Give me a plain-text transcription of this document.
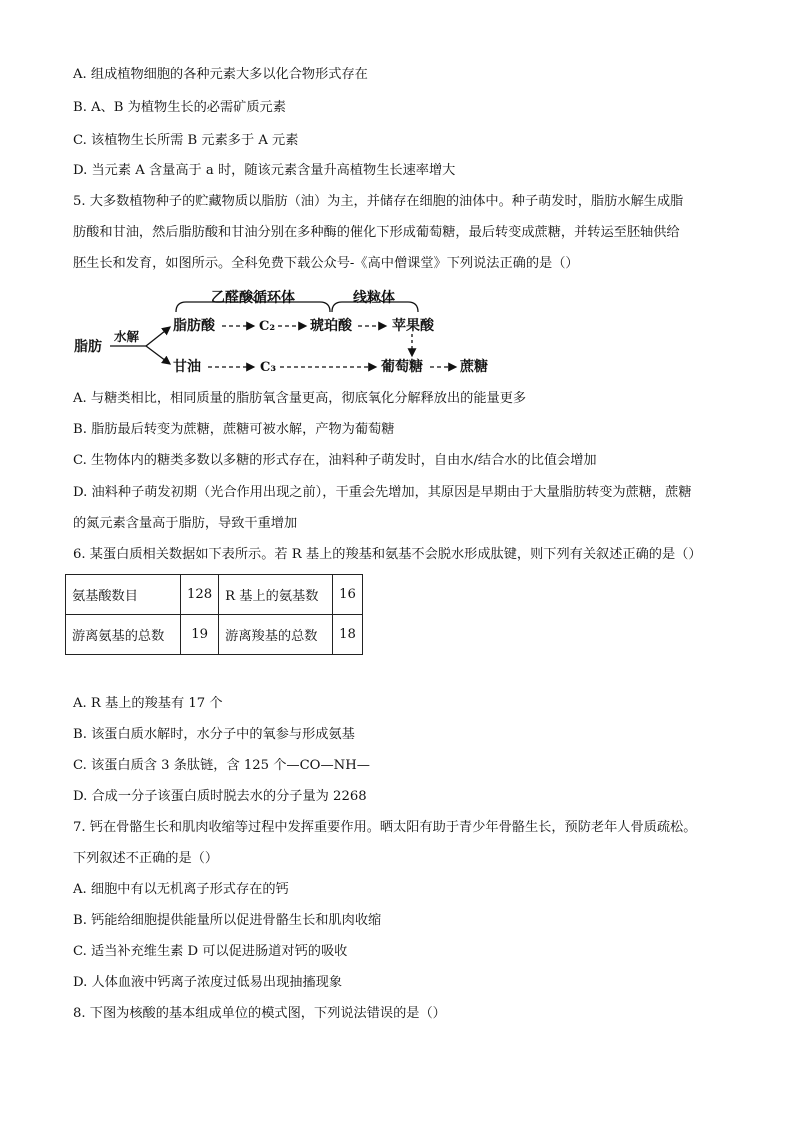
A. 组成植物细胞的各种元素大多以化合物形式存在
B. A、B 为植物生长的必需矿质元素
C. 该植物生长所需 B 元素多于 A 元素
D. 当元素 A 含量高于 a 时，随该元素含量升高植物生长速率增大
5. 大多数植物种子的贮藏物质以脂肪（油）为主，并储存在细胞的油体中。种子萌发时，脂肪水解生成脂
肪酸和甘油，然后脂肪酸和甘油分别在多种酶的催化下形成葡萄糖，最后转变成蔗糖，并转运至胚轴供给
胚生长和发育，如图所示。全科免费下载公众号-《高中僧课堂》下列说法正确的是（）
乙醛酸循环体	线粒体
脂肪
水解
脂肪酸	C₂ 琥珀酸	苹果酸
甘油	C₃	葡萄糖	蔗糖
A. 与糖类相比，相同质量的脂肪氧含量更高，彻底氧化分解释放出的能量更多
B. 脂肪最后转变为蔗糖，蔗糖可被水解，产物为葡萄糖
C. 生物体内的糖类多数以多糖的形式存在，油料种子萌发时，自由水/结合水的比值会增加
D. 油料种子萌发初期（光合作用出现之前），干重会先增加，其原因是早期由于大量脂肪转变为蔗糖，蔗糖
的氮元素含量高于脂肪，导致干重增加
6. 某蛋白质相关数据如下表所示。若 R 基上的羧基和氨基不会脱水形成肽键，则下列有关叙述正确的是（）
氨基酸数目	128	R 基上的氨基数	16
游离氨基的总数	19	游离羧基的总数	18
A. R 基上的羧基有 17 个
B. 该蛋白质水解时，水分子中的氧参与形成氨基
C. 该蛋白质含 3 条肽链，含 125 个—CO—NH—
D. 合成一分子该蛋白质时脱去水的分子量为 2268
7. 钙在骨骼生长和肌肉收缩等过程中发挥重要作用。晒太阳有助于青少年骨骼生长，预防老年人骨质疏松。
下列叙述不正确的是（）
A. 细胞中有以无机离子形式存在的钙
B. 钙能给细胞提供能量所以促进骨骼生长和肌肉收缩
C. 适当补充维生素 D 可以促进肠道对钙的吸收
D. 人体血液中钙离子浓度过低易出现抽搐现象
8. 下图为核酸的基本组成单位的模式图，下列说法错误的是（）
